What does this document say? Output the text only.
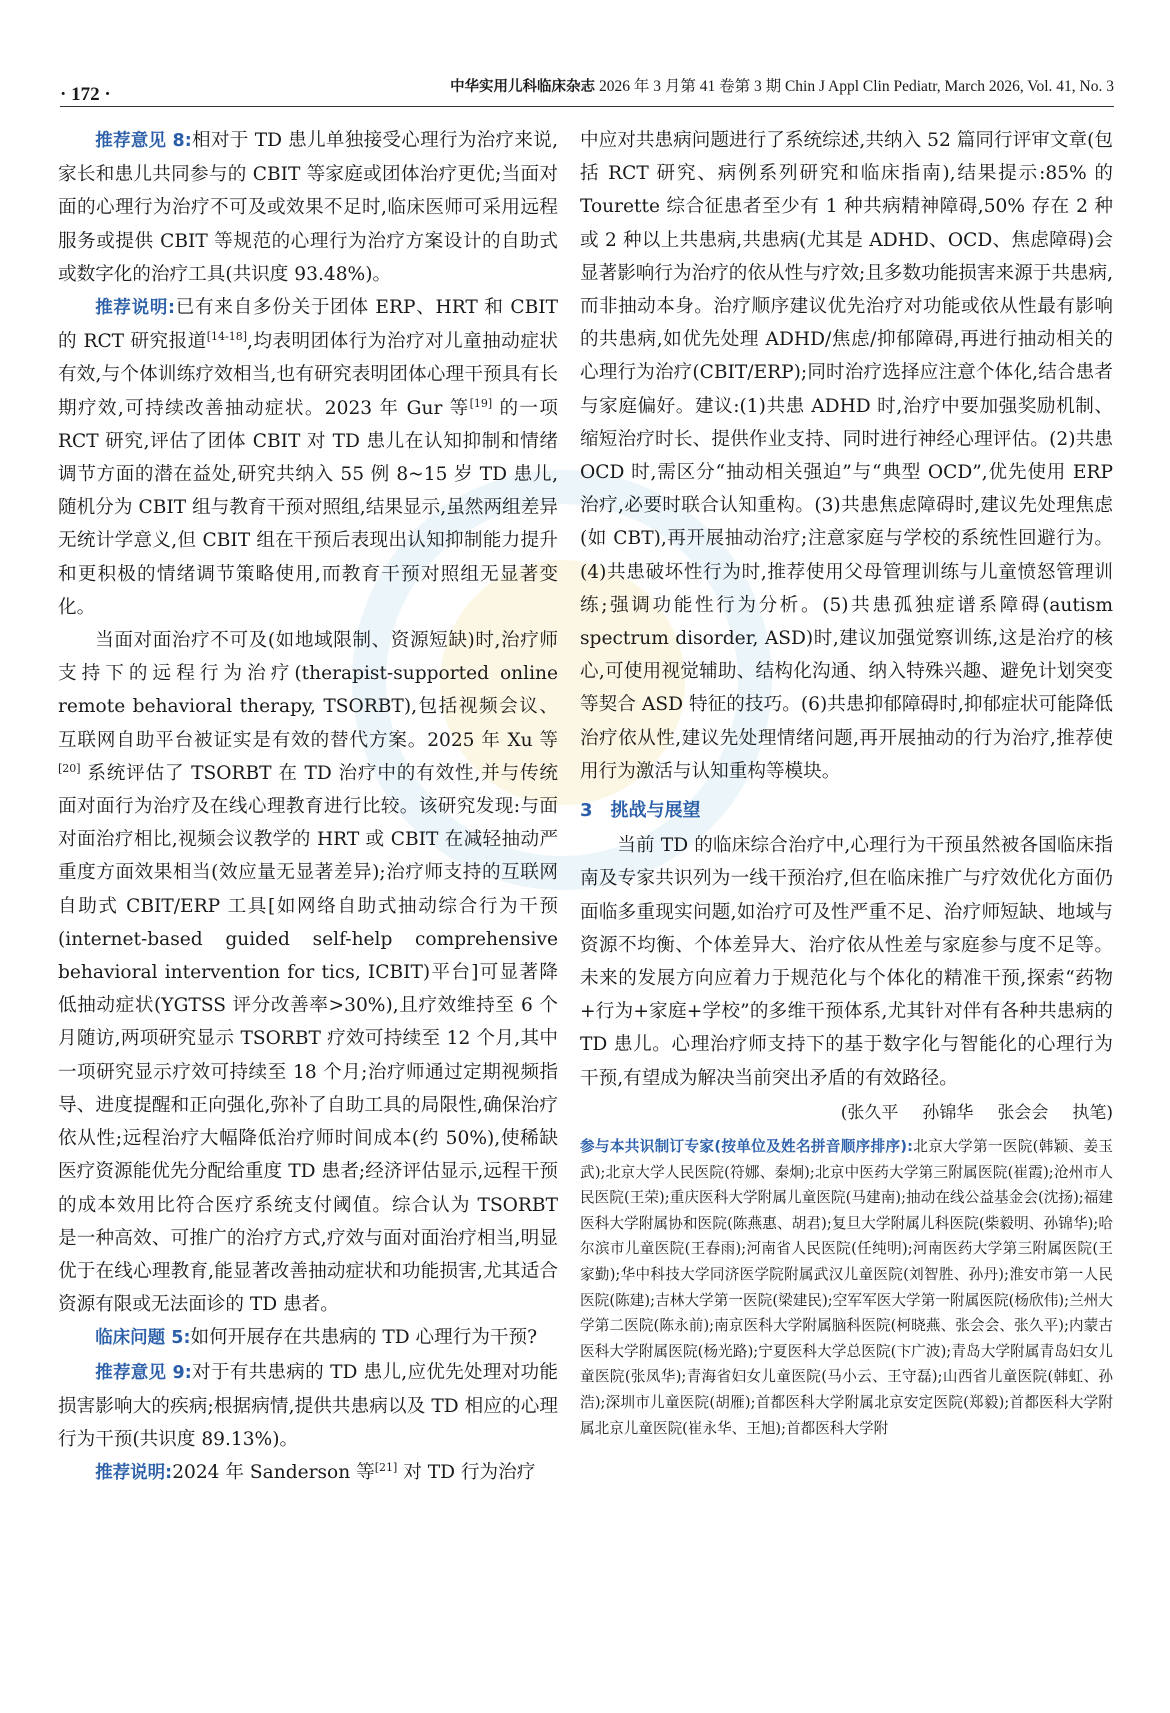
· 172 ·	中华实用儿科临床杂志 2026 年 3 月第 41 卷第 3 期 Chin J Appl Clin Pediatr, March 2026, Vol. 41, No. 3

推荐意见 8:相对于 TD 患儿单独接受心理行为治疗来说,家长和患儿共同参与的 CBIT 等家庭或团体治疗更优;当面对面的心理行为治疗不可及或效果不足时,临床医师可采用远程服务或提供 CBIT 等规范的心理行为治疗方案设计的自助式或数字化的治疗工具(共识度 93.48%)。

推荐说明:已有来自多份关于团体 ERP、HRT 和 CBIT 的 RCT 研究报道[14-18],均表明团体行为治疗对儿童抽动症状有效,与个体训练疗效相当,也有研究表明团体心理干预具有长期疗效,可持续改善抽动症状。2023 年 Gur 等[19] 的一项 RCT 研究,评估了团体 CBIT 对 TD 患儿在认知抑制和情绪调节方面的潜在益处,研究共纳入 55 例 8~15 岁 TD 患儿,随机分为 CBIT 组与教育干预对照组,结果显示,虽然两组差异无统计学意义,但 CBIT 组在干预后表现出认知抑制能力提升和更积极的情绪调节策略使用,而教育干预对照组无显著变化。

当面对面治疗不可及(如地域限制、资源短缺)时,治疗师支持下的远程行为治疗(therapist-supported online remote behavioral therapy, TSORBT),包括视频会议、互联网自助平台被证实是有效的替代方案。2025 年 Xu 等[20] 系统评估了 TSORBT 在 TD 治疗中的有效性,并与传统面对面行为治疗及在线心理教育进行比较。该研究发现:与面对面治疗相比,视频会议教学的 HRT 或 CBIT 在减轻抽动严重度方面效果相当(效应量无显著差异);治疗师支持的互联网自助式 CBIT/ERP 工具[如网络自助式抽动综合行为干预(internet-based guided self-help comprehensive behavioral intervention for tics, ICBIT)平台]可显著降低抽动症状(YGTSS 评分改善率>30%),且疗效维持至 6 个月随访,两项研究显示 TSORBT 疗效可持续至 12 个月,其中一项研究显示疗效可持续至 18 个月;治疗师通过定期视频指导、进度提醒和正向强化,弥补了自助工具的局限性,确保治疗依从性;远程治疗大幅降低治疗师时间成本(约 50%),使稀缺医疗资源能优先分配给重度 TD 患者;经济评估显示,远程干预的成本效用比符合医疗系统支付阈值。综合认为 TSORBT 是一种高效、可推广的治疗方式,疗效与面对面治疗相当,明显优于在线心理教育,能显著改善抽动症状和功能损害,尤其适合资源有限或无法面诊的 TD 患者。

临床问题 5:如何开展存在共患病的 TD 心理行为干预?

推荐意见 9:对于有共患病的 TD 患儿,应优先处理对功能损害影响大的疾病;根据病情,提供共患病以及 TD 相应的心理行为干预(共识度 89.13%)。

推荐说明:2024 年 Sanderson 等[21] 对 TD 行为治疗

中应对共患病问题进行了系统综述,共纳入 52 篇同行评审文章(包括 RCT 研究、病例系列研究和临床指南),结果提示:85% 的 Tourette 综合征患者至少有 1 种共病精神障碍,50% 存在 2 种或 2 种以上共患病,共患病(尤其是 ADHD、OCD、焦虑障碍)会显著影响行为治疗的依从性与疗效;且多数功能损害来源于共患病,而非抽动本身。治疗顺序建议优先治疗对功能或依从性最有影响的共患病,如优先处理 ADHD/焦虑/抑郁障碍,再进行抽动相关的心理行为治疗(CBIT/ERP);同时治疗选择应注意个体化,结合患者与家庭偏好。建议:(1)共患 ADHD 时,治疗中要加强奖励机制、缩短治疗时长、提供作业支持、同时进行神经心理评估。(2)共患 OCD 时,需区分“抽动相关强迫”与“典型 OCD”,优先使用 ERP 治疗,必要时联合认知重构。(3)共患焦虑障碍时,建议先处理焦虑(如 CBT),再开展抽动治疗;注意家庭与学校的系统性回避行为。(4)共患破坏性行为时,推荐使用父母管理训练与儿童愤怒管理训练;强调功能性行为分析。(5)共患孤独症谱系障碍(autism spectrum disorder, ASD)时,建议加强觉察训练,这是治疗的核心,可使用视觉辅助、结构化沟通、纳入特殊兴趣、避免计划突变等契合 ASD 特征的技巧。(6)共患抑郁障碍时,抑郁症状可能降低治疗依从性,建议先处理情绪问题,再开展抽动的行为治疗,推荐使用行为激活与认知重构等模块。

3 挑战与展望

当前 TD 的临床综合治疗中,心理行为干预虽然被各国临床指南及专家共识列为一线干预治疗,但在临床推广与疗效优化方面仍面临多重现实问题,如治疗可及性严重不足、治疗师短缺、地域与资源不均衡、个体差异大、治疗依从性差与家庭参与度不足等。未来的发展方向应着力于规范化与个体化的精准干预,探索“药物+行为+家庭+学校”的多维干预体系,尤其针对伴有各种共患病的 TD 患儿。心理治疗师支持下的基于数字化与智能化的心理行为干预,有望成为解决当前突出矛盾的有效路径。

(张久平 孙锦华 张会会 执笔)
参与本共识制订专家(按单位及姓名拼音顺序排序):北京大学第一医院(韩颖、姜玉武);北京大学人民医院(符娜、秦炯);北京中医药大学第三附属医院(崔霞);沧州市人民医院(王荣);重庆医科大学附属儿童医院(马建南);抽动在线公益基金会(沈扬);福建医科大学附属协和医院(陈燕惠、胡君);复旦大学附属儿科医院(柴毅明、孙锦华);哈尔滨市儿童医院(王春雨);河南省人民医院(任纯明);河南医药大学第三附属医院(王家勤);华中科技大学同济医学院附属武汉儿童医院(刘智胜、孙丹);淮安市第一人民医院(陈建);吉林大学第一医院(梁建民);空军军医大学第一附属医院(杨欣伟);兰州大学第二医院(陈永前);南京医科大学附属脑科医院(柯晓燕、张会会、张久平);内蒙古医科大学附属医院(杨光路);宁夏医科大学总医院(卞广波);青岛大学附属青岛妇女儿童医院(张凤华);青海省妇女儿童医院(马小云、王守磊);山西省儿童医院(韩虹、孙浩);深圳市儿童医院(胡雁);首都医科大学附属北京安定医院(郑毅);首都医科大学附属北京儿童医院(崔永华、王旭);首都医科大学附
